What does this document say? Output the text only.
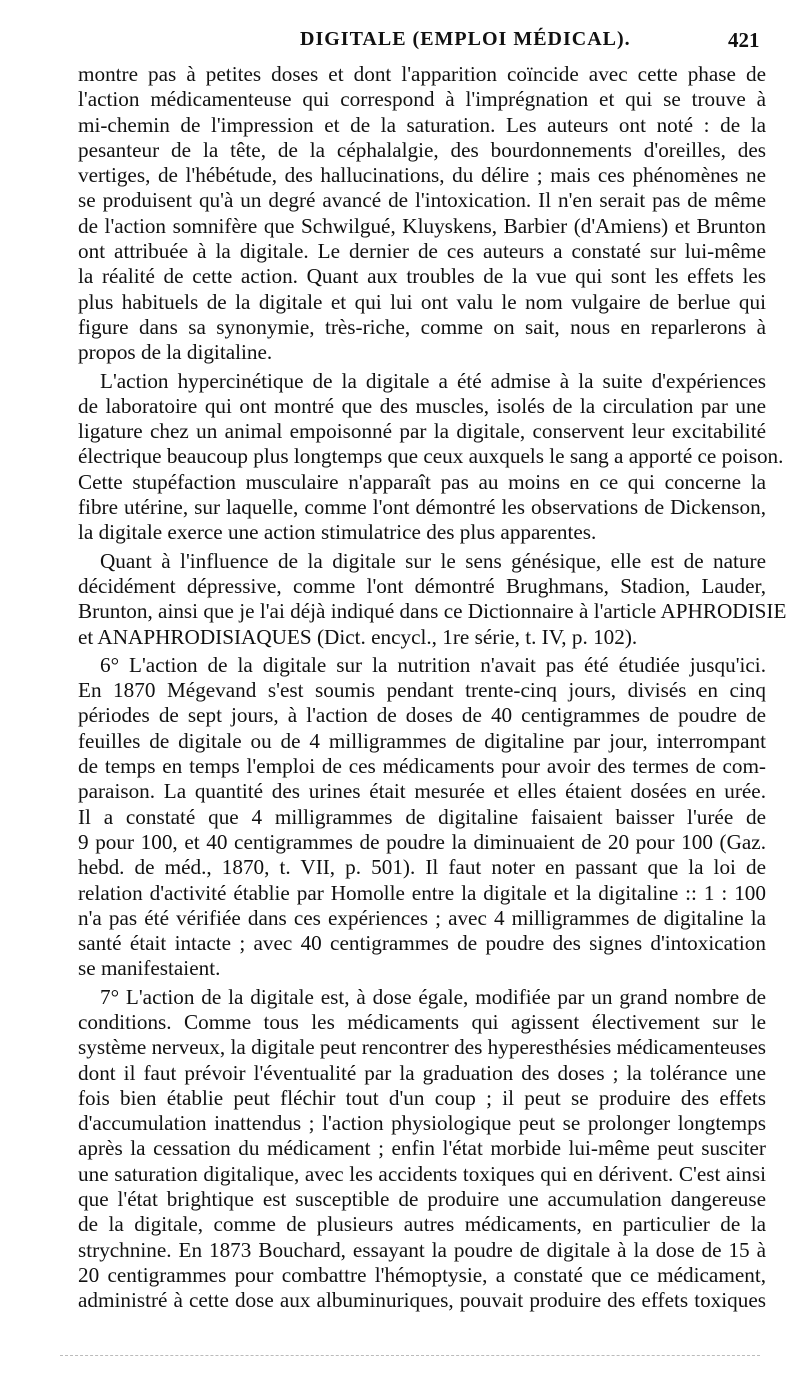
DIGITALE (EMPLOI MÉDICAL).	421
montre pas à petites doses et dont l'apparition coïncide avec cette phase de
l'action médicamenteuse qui correspond à l'imprégnation et qui se trouve à
mi-chemin de l'impression et de la saturation. Les auteurs ont noté : de la
pesanteur de la tête, de la céphalalgie, des bourdonnements d'oreilles, des
vertiges, de l'hébétude, des hallucinations, du délire ; mais ces phénomènes ne
se produisent qu'à un degré avancé de l'intoxication. Il n'en serait pas de même
de l'action somnifère que Schwilgué, Kluyskens, Barbier (d'Amiens) et Brunton
ont attribuée à la digitale. Le dernier de ces auteurs a constaté sur lui-même
la réalité de cette action. Quant aux troubles de la vue qui sont les effets les
plus habituels de la digitale et qui lui ont valu le nom vulgaire de berlue qui
figure dans sa synonymie, très-riche, comme on sait, nous en reparlerons à
propos de la digitaline.
L'action hypercinétique de la digitale a été admise à la suite d'expériences
de laboratoire qui ont montré que des muscles, isolés de la circulation par une
ligature chez un animal empoisonné par la digitale, conservent leur excitabilité
électrique beaucoup plus longtemps que ceux auxquels le sang a apporté ce poison.
Cette stupéfaction musculaire n'apparaît pas au moins en ce qui concerne la
fibre utérine, sur laquelle, comme l'ont démontré les observations de Dickenson,
la digitale exerce une action stimulatrice des plus apparentes.
Quant à l'influence de la digitale sur le sens génésique, elle est de nature
décidément dépressive, comme l'ont démontré Brughmans, Stadion, Lauder,
Brunton, ainsi que je l'ai déjà indiqué dans ce Dictionnaire à l'article APHRODISIE
et ANAPHRODISIAQUES (Dict. encycl., 1re série, t. IV, p. 102).
6° L'action de la digitale sur la nutrition n'avait pas été étudiée jusqu'ici.
En 1870 Mégevand s'est soumis pendant trente-cinq jours, divisés en cinq
périodes de sept jours, à l'action de doses de 40 centigrammes de poudre de
feuilles de digitale ou de 4 milligrammes de digitaline par jour, interrompant
de temps en temps l'emploi de ces médicaments pour avoir des termes de com-
paraison. La quantité des urines était mesurée et elles étaient dosées en urée.
Il a constaté que 4 milligrammes de digitaline faisaient baisser l'urée de
9 pour 100, et 40 centigrammes de poudre la diminuaient de 20 pour 100 (Gaz.
hebd. de méd., 1870, t. VII, p. 501). Il faut noter en passant que la loi de
relation d'activité établie par Homolle entre la digitale et la digitaline :: 1 : 100
n'a pas été vérifiée dans ces expériences ; avec 4 milligrammes de digitaline la
santé était intacte ; avec 40 centigrammes de poudre des signes d'intoxication
se manifestaient.
7° L'action de la digitale est, à dose égale, modifiée par un grand nombre de
conditions. Comme tous les médicaments qui agissent électivement sur le
système nerveux, la digitale peut rencontrer des hyperesthésies médicamenteuses
dont il faut prévoir l'éventualité par la graduation des doses ; la tolérance une
fois bien établie peut fléchir tout d'un coup ; il peut se produire des effets
d'accumulation inattendus ; l'action physiologique peut se prolonger longtemps
après la cessation du médicament ; enfin l'état morbide lui-même peut susciter
une saturation digitalique, avec les accidents toxiques qui en dérivent. C'est ainsi
que l'état brightique est susceptible de produire une accumulation dangereuse
de la digitale, comme de plusieurs autres médicaments, en particulier de la
strychnine. En 1873 Bouchard, essayant la poudre de digitale à la dose de 15 à
20 centigrammes pour combattre l'hémoptysie, a constaté que ce médicament,
administré à cette dose aux albuminuriques, pouvait produire des effets toxiques
